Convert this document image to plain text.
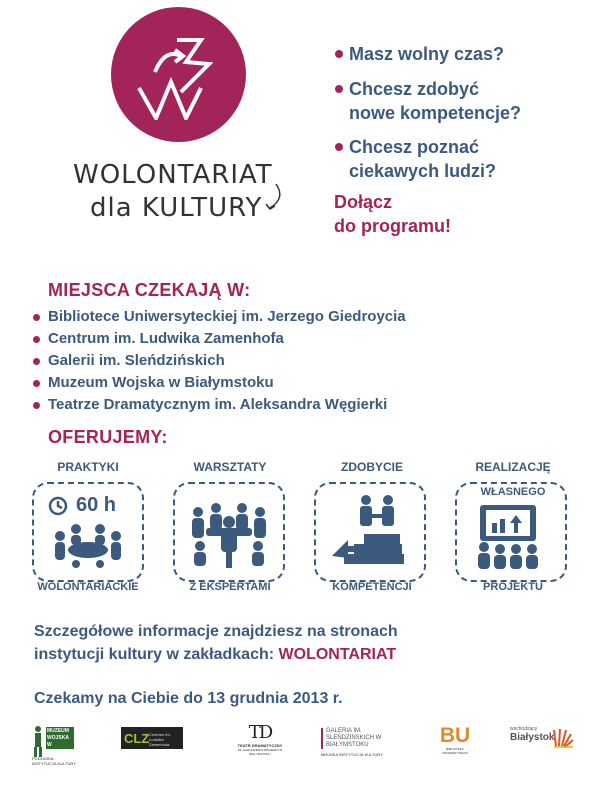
WOLONTARIAT
dla KULTURY
Masz wolny czas?
Chcesz zdobyć
nowe kompetencje?
Chcesz poznać
ciekawych ludzi?
Dołącz
do programu!
MIEJSCA CZEKAJĄ W:
Bibliotece Uniwersyteckiej im. Jerzego Giedroycia
Centrum im. Ludwika Zamenhofa
Galerii im. Sleńdzińskich
Muzeum Wojska w Białymstoku
Teatrze Dramatycznym im. Aleksandra Węgierki
OFERUJEMY:
PRAKTYKI
60 h
WOLONTARIACKIE
WARSZTATY
Z EKSPERTAMI
ZDOBYCIE
KOMPETENCJI
REALIZACJĘ
WŁASNEGO
PROJEKTU
Szczegółowe informacje znajdziesz na stronach
instytucji kultury w zakładkach: WOLONTARIAT
Czekamy na Ciebie do 13 grudnia 2013 r.
MUZEUM WOJSKA W BIAŁYMSTOKU
PODLASKA INSTYTUCJA KULTURY
CLZ Centrum im. Ludwika Zamenhofa
TD
TEATR DRAMATYCZNY
IM. ALEKSANDRA WĘGIERKI W BIAŁYMSTOKU
GALERIA IM. SLEŃDZIŃSKICH W BIAŁYMSTOKU
MIEJSKA INSTYTUCJA KULTURY
BU
BIBLIOTEKA UNIWERSYTECKA
wschodzący
Białystok
